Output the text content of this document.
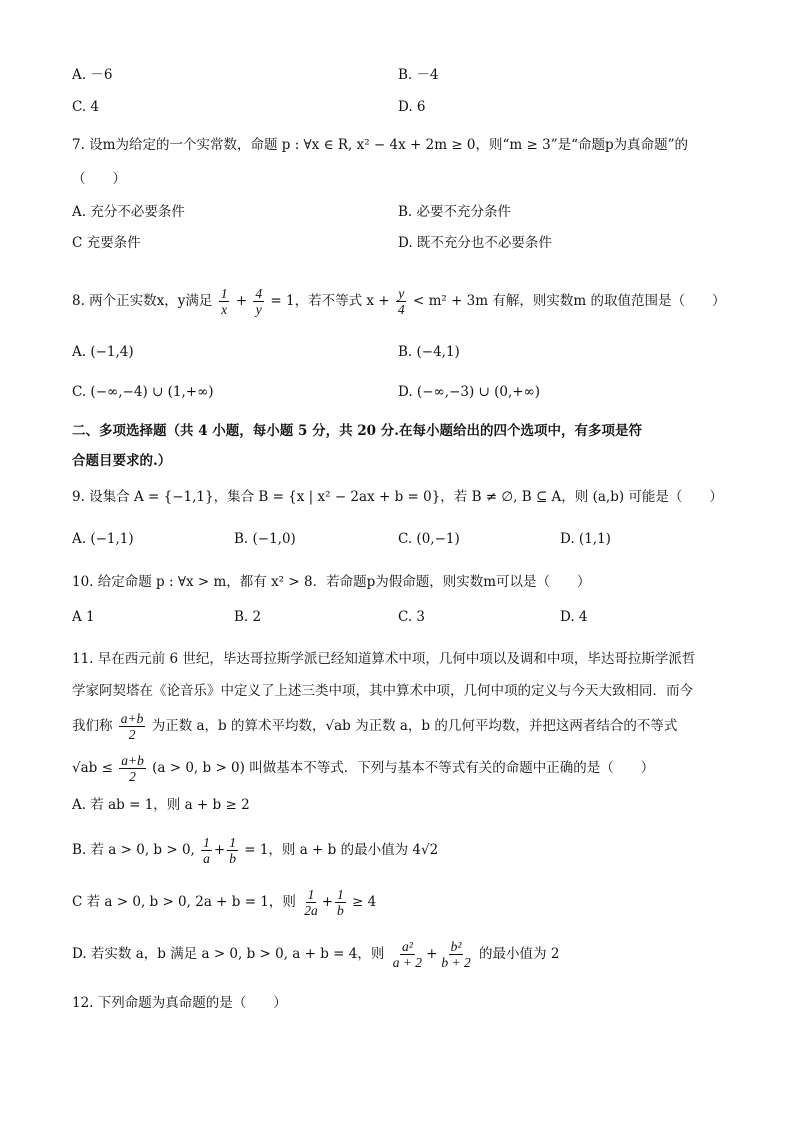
A. －6	B. －4
C. 4	D. 6
7. 设m为给定的一个实常数，命题 p : ∀x ∈ R, x² − 4x + 2m ≥ 0，则“m ≥ 3”是“命题p为真命题”的
（　　）
A. 充分不必要条件	B. 必要不充分条件
C 充要条件	D. 既不充分也不必要条件
8. 两个正实数x，y满足 $\frac{1}{x} + \frac{4}{y} = 1$，若不等式 $x + \frac{y}{4} < m^2 + 3m$ 有解，则实数m 的取值范围是（　　）
A. (−1,4)	B. (−4,1)
C. (−∞,−4) ∪ (1,+∞)	D. (−∞,−3) ∪ (0,+∞)
二、多项选择题（共 4 小题，每小题 5 分，共 20 分.在每小题给出的四个选项中，有多项是符
合题目要求的.）
9. 设集合 A = {−1,1}，集合 B = {x | x² − 2ax + b = 0}，若 B ≠ ∅, B ⊆ A，则 (a,b) 可能是（　　）
A. (−1,1)	B. (−1,0)	C. (0,−1)	D. (1,1)
10. 给定命题 p : ∀x > m，都有 x² > 8．若命题p为假命题，则实数m可以是（　　）
A 1	B. 2	C. 3	D. 4
11. 早在西元前 6 世纪，毕达哥拉斯学派已经知道算术中项，几何中项以及调和中项，毕达哥拉斯学派哲
学家阿契塔在《论音乐》中定义了上述三类中项，其中算术中项，几何中项的定义与今天大致相同．而今
我们称 $\frac{a+b}{2}$ 为正数 a，b 的算术平均数，√ab 为正数 a，b 的几何平均数，并把这两者结合的不等式
$√ab \le \frac{a+b}{2} (a > 0$, b > 0) 叫做基本不等式．下列与基本不等式有关的命题中正确的是（　　）
A. 若 ab = 1，则 a + b ≥ 2
B. 若 a > 0, b > 0, $\frac{1}{a} + \frac{1}{b} = 1$，则 a + b 的最小值为 4√2
C 若 a > 0, b > 0, 2a + b = 1，则 $\frac{1}{2a} + \frac{1}{b} \ge 4$
D. 若实数 a，b 满足 a > 0, b > 0, a + b = 4，则 $\frac{\text{a²}}{a + 2} + \frac{\text{b²}}{b + 2}$ 的最小值为 2
12. 下列命题为真命题的是（　　）
